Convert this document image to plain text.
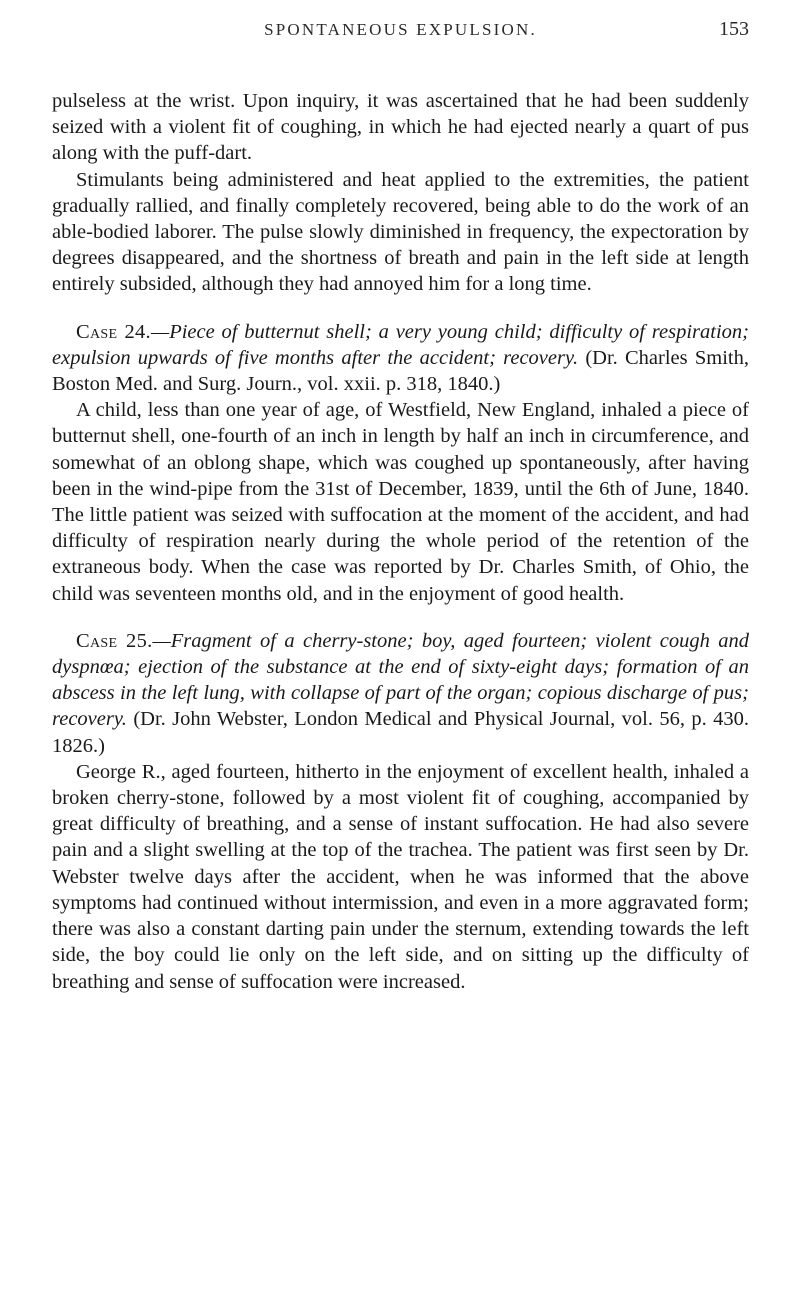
SPONTANEOUS EXPULSION.	153

pulseless at the wrist. Upon inquiry, it was ascertained that he had been suddenly seized with a violent fit of coughing, in which he had ejected nearly a quart of pus along with the puff-dart.

Stimulants being administered and heat applied to the extremities, the patient gradually rallied, and finally completely recovered, being able to do the work of an able-bodied laborer. The pulse slowly diminished in frequency, the expectoration by degrees disappeared, and the shortness of breath and pain in the left side at length entirely subsided, although they had annoyed him for a long time.

Case 24.—Piece of butternut shell; a very young child; difficulty of respiration; expulsion upwards of five months after the accident; recovery. (Dr. Charles Smith, Boston Med. and Surg. Journ., vol. xxii. p. 318, 1840.)

A child, less than one year of age, of Westfield, New England, inhaled a piece of butternut shell, one-fourth of an inch in length by half an inch in circumference, and somewhat of an oblong shape, which was coughed up spontaneously, after having been in the wind-pipe from the 31st of December, 1839, until the 6th of June, 1840. The little patient was seized with suffocation at the moment of the accident, and had difficulty of respiration nearly during the whole period of the retention of the extraneous body. When the case was reported by Dr. Charles Smith, of Ohio, the child was seventeen months old, and in the enjoyment of good health.

Case 25.—Fragment of a cherry-stone; boy, aged fourteen; violent cough and dyspnœa; ejection of the substance at the end of sixty-eight days; formation of an abscess in the left lung, with collapse of part of the organ; copious discharge of pus; recovery. (Dr. John Webster, London Medical and Physical Journal, vol. 56, p. 430. 1826.)

George R., aged fourteen, hitherto in the enjoyment of excellent health, inhaled a broken cherry-stone, followed by a most violent fit of coughing, accompanied by great difficulty of breathing, and a sense of instant suffocation. He had also severe pain and a slight swelling at the top of the trachea. The patient was first seen by Dr. Webster twelve days after the accident, when he was informed that the above symptoms had continued without intermission, and even in a more aggravated form; there was also a constant darting pain under the sternum, extending towards the left side, the boy could lie only on the left side, and on sitting up the difficulty of breathing and sense of suffocation were increased.
